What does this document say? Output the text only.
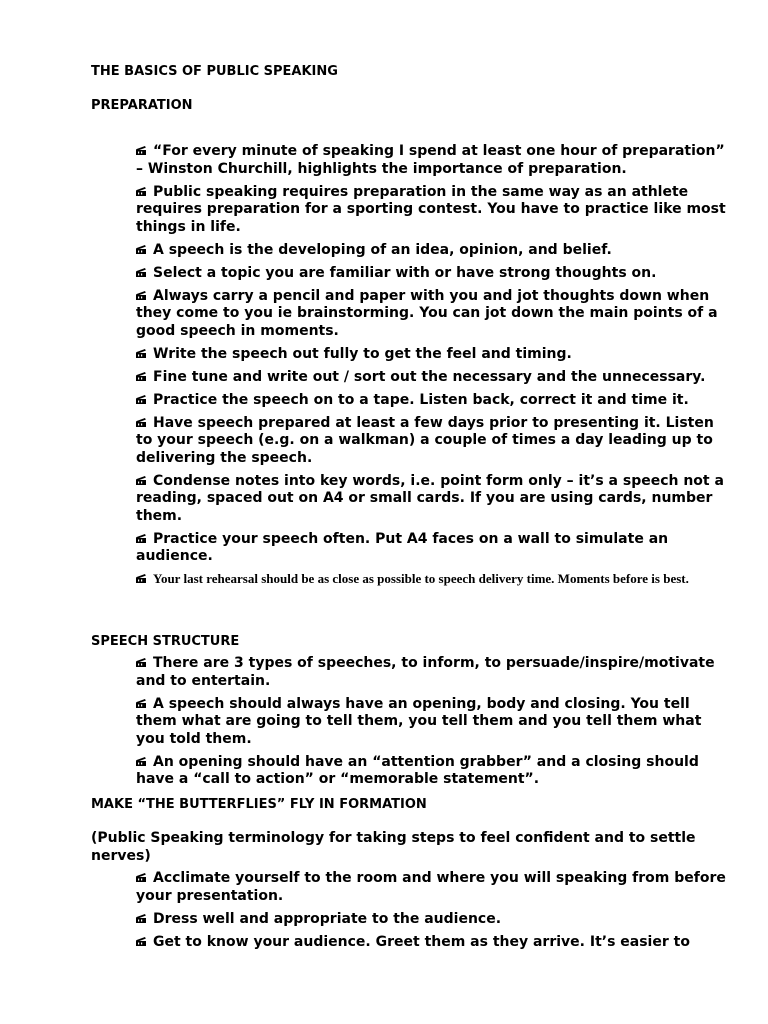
THE BASICS OF PUBLIC SPEAKING
PREPARATION
“For every minute of speaking I spend at least one hour of preparation” – Winston Churchill, highlights the importance of preparation.
Public speaking requires preparation in the same way as an athlete requires preparation for a sporting contest. You have to practice like most things in life.
A speech is the developing of an idea, opinion, and belief.
Select a topic you are familiar with or have strong thoughts on.
Always carry a pencil and paper with you and jot thoughts down when they come to you ie brainstorming. You can jot down the main points of a good speech in moments.
Write the speech out fully to get the feel and timing.
Fine tune and write out / sort out the necessary and the unnecessary.
Practice the speech on to a tape. Listen back, correct it and time it.
Have speech prepared at least a few days prior to presenting it. Listen to your speech (e.g. on a walkman) a couple of times a day leading up to delivering the speech.
Condense notes into key words, i.e. point form only – it’s a speech not a reading, spaced out on A4 or small cards. If you are using cards, number them.
Practice your speech often. Put A4 faces on a wall to simulate an audience.
Your last rehearsal should be as close as possible to speech delivery time. Moments before is best.
SPEECH STRUCTURE
There are 3 types of speeches, to inform, to persuade/inspire/motivate and to entertain.
A speech should always have an opening, body and closing. You tell them what are going to tell them, you tell them and you tell them what you told them.
An opening should have an “attention grabber” and a closing should have a “call to action” or “memorable statement”.
MAKE “THE BUTTERFLIES” FLY IN FORMATION

(Public Speaking terminology for taking steps to feel confident and to settle nerves)

Acclimate yourself to the room and where you will speaking from before your presentation.
Dress well and appropriate to the audience.
Get to know your audience. Greet them as they arrive. It’s easier to
